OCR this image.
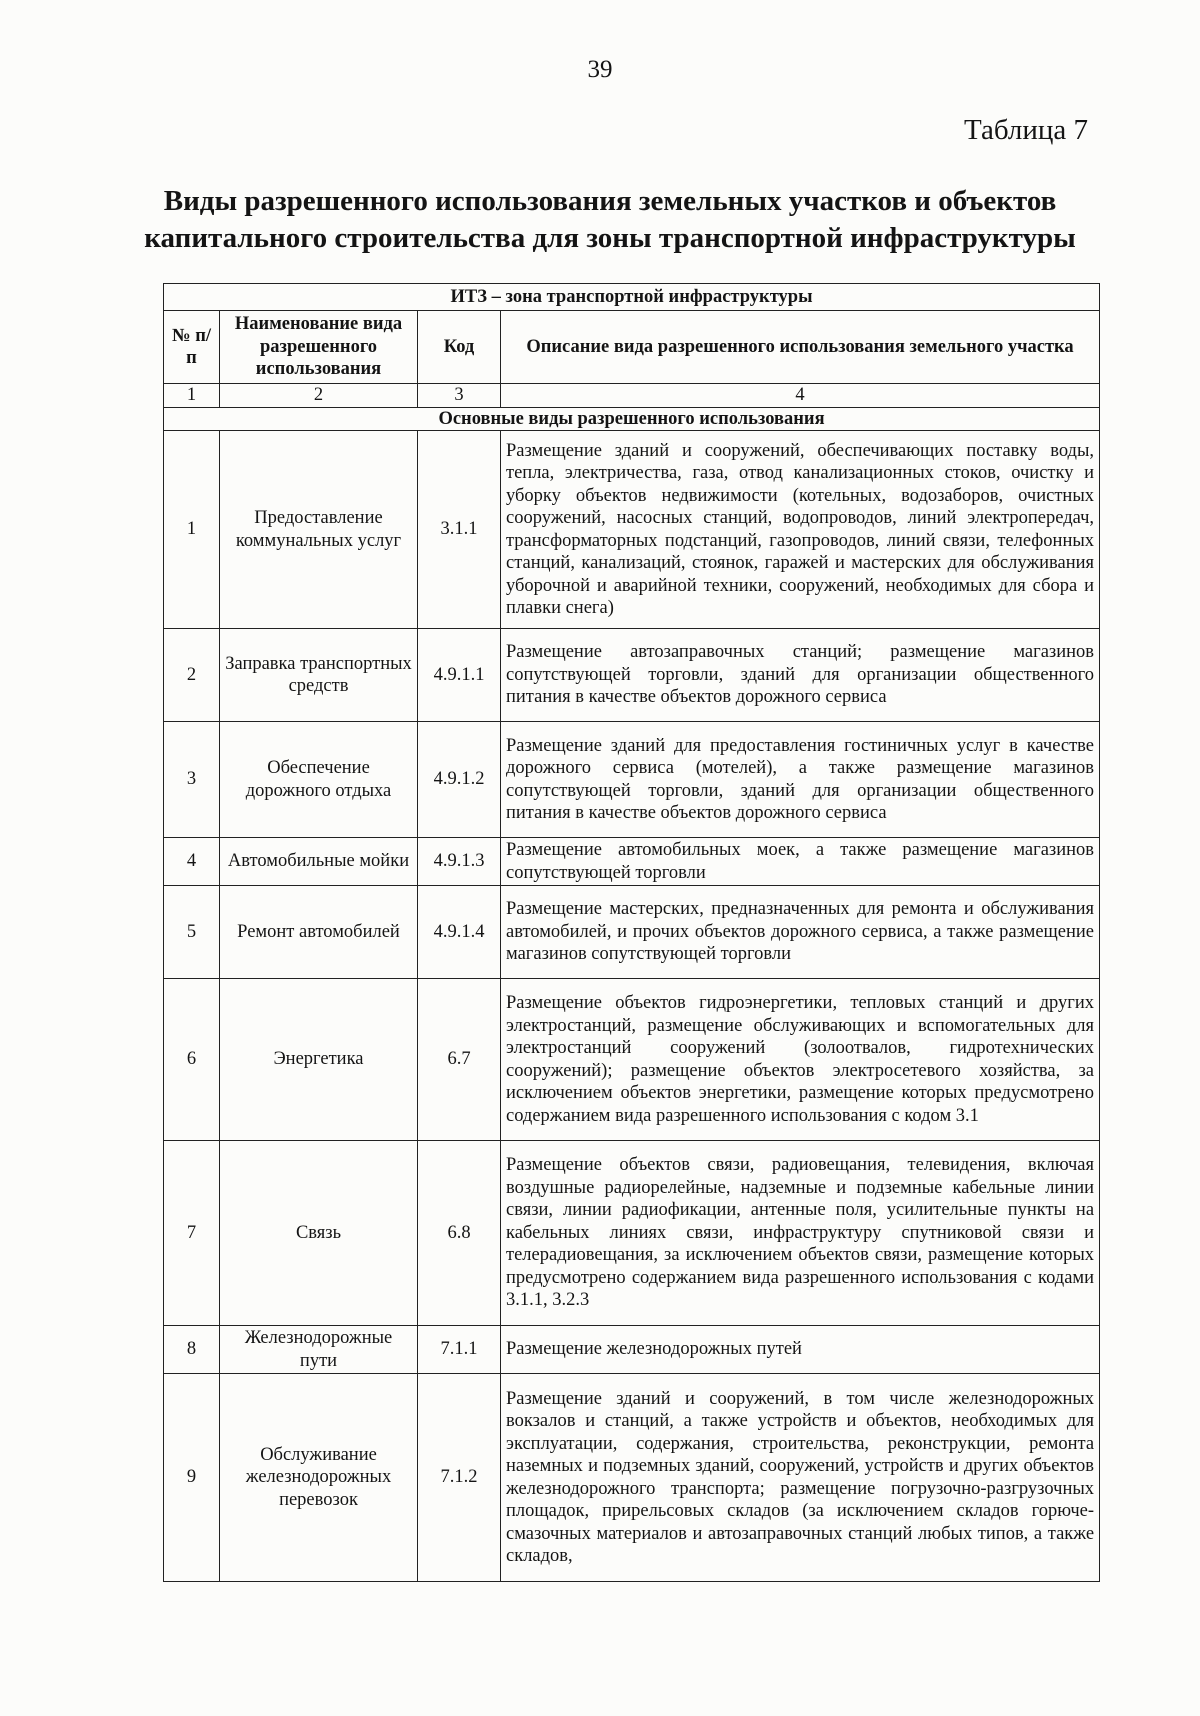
39
Таблица 7
Виды разрешенного использования земельных участков и объектов капитального строительства для зоны транспортной инфраструктуры
ИТЗ – зона транспортной инфраструктуры			
№ п/п	Наименование вида разрешенного использования	Код	Описание вида разрешенного использования земельного участка
1	2	3	4
Основные виды разрешенного использования			
1	Предоставление коммунальных услуг	3.1.1	Размещение зданий и сооружений, обеспечивающих поставку воды, тепла, электричества, газа, отвод канализационных стоков, очистку и уборку объектов недвижимости (котельных, водозаборов, очистных сооружений, насосных станций, водопроводов, линий электропередач, трансформаторных подстанций, газопроводов, линий связи, телефонных станций, канализаций, стоянок, гаражей и мастерских для обслуживания уборочной и аварийной техники, сооружений, необходимых для сбора и плавки снега)
2	Заправка транспортных средств	4.9.1.1	Размещение автозаправочных станций; размещение магазинов сопутствующей торговли, зданий для организации общественного питания в качестве объектов дорожного сервиса
3	Обеспечение дорожного отдыха	4.9.1.2	Размещение зданий для предоставления гостиничных услуг в качестве дорожного сервиса (мотелей), а также размещение магазинов сопутствующей торговли, зданий для организации общественного питания в качестве объектов дорожного сервиса
4	Автомобильные мойки	4.9.1.3	Размещение автомобильных моек, а также размещение магазинов сопутствующей торговли
5	Ремонт автомобилей	4.9.1.4	Размещение мастерских, предназначенных для ремонта и обслуживания автомобилей, и прочих объектов дорожного сервиса, а также размещение магазинов сопутствующей торговли
6	Энергетика	6.7	Размещение объектов гидроэнергетики, тепловых станций и других электростанций, размещение обслуживающих и вспомогательных для электростанций сооружений (золоотвалов, гидротехнических сооружений); размещение объектов электросетевого хозяйства, за исключением объектов энергетики, размещение которых предусмотрено содержанием вида разрешенного использования с кодом 3.1
7	Связь	6.8	Размещение объектов связи, радиовещания, телевидения, включая воздушные радиорелейные, надземные и подземные кабельные линии связи, линии радиофикации, антенные поля, усилительные пункты на кабельных линиях связи, инфраструктуру спутниковой связи и телерадиовещания, за исключением объектов связи, размещение которых предусмотрено содержанием вида разрешенного использования с кодами 3.1.1, 3.2.3
8	Железнодорожные пути	7.1.1	Размещение железнодорожных путей
9	Обслуживание железнодорожных перевозок	7.1.2	Размещение зданий и сооружений, в том числе железнодорожных вокзалов и станций, а также устройств и объектов, необходимых для эксплуатации, содержания, строительства, реконструкции, ремонта наземных и подземных зданий, сооружений, устройств и других объектов железнодорожного транспорта; размещение погрузочно-разгрузочных площадок, прирельсовых складов (за исключением складов горюче-смазочных материалов и автозаправочных станций любых типов, а также складов,
